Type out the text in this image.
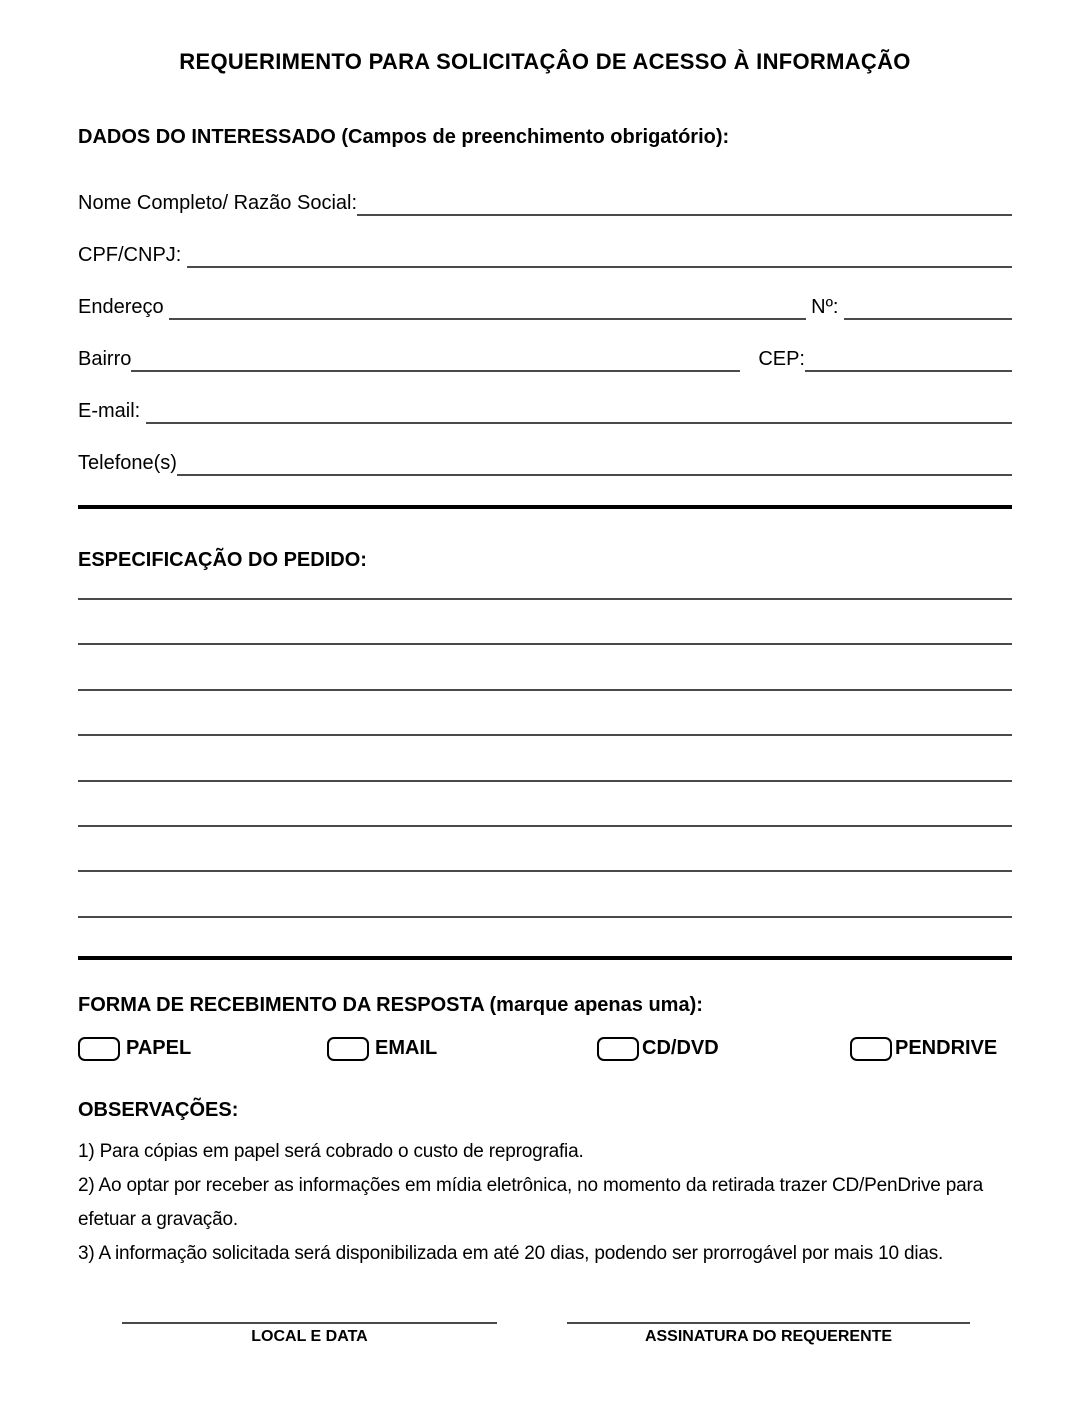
REQUERIMENTO PARA SOLICITAÇÂO DE ACESSO À INFORMAÇÃO
DADOS DO INTERESSADO (Campos de preenchimento obrigatório):
Nome Completo/ Razão Social:
CPF/CNPJ:
Endereço	Nº:
Bairro	CEP:
E-mail:
Telefone(s)
ESPECIFICAÇÃO DO PEDIDO:
FORMA DE RECEBIMENTO DA RESPOSTA (marque apenas uma):
PAPEL	EMAIL	CD/DVD	PENDRIVE
OBSERVAÇÕES:

1) Para cópias em papel será cobrado o custo de reprografia.

2) Ao optar por receber as informações em mídia eletrônica, no momento da retirada trazer CD/PenDrive para efetuar a gravação.

3) A informação solicitada será disponibilizada em até 20 dias, podendo ser prorrogável por mais 10 dias.

LOCAL E DATA	ASSINATURA DO REQUERENTE
